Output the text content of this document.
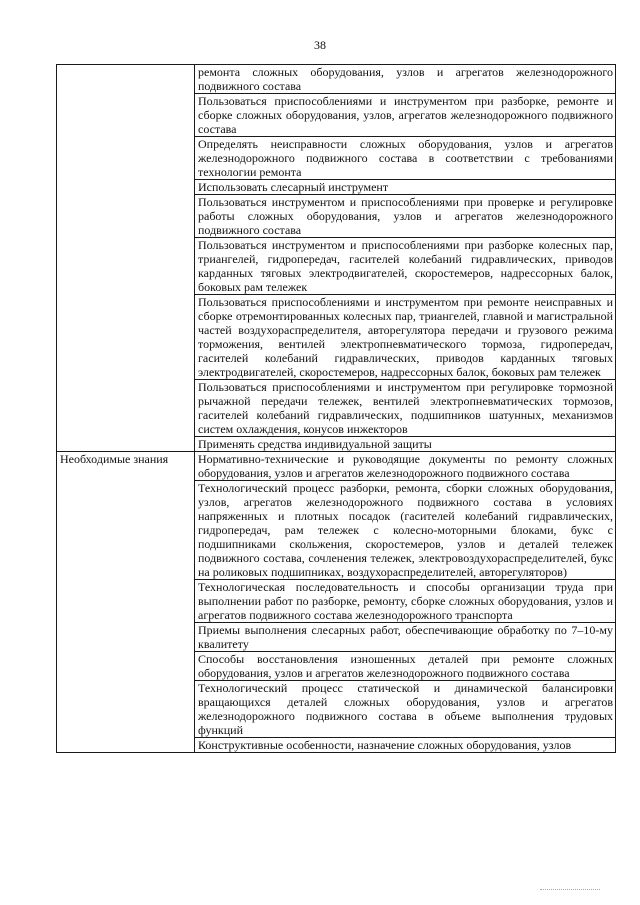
38
	ремонта сложных оборудования, узлов и агрегатов железнодорожного подвижного состава
	Пользоваться приспособлениями и инструментом при разборке, ремонте и сборке сложных оборудования, узлов, агрегатов железнодорожного подвижного состава
	Определять неисправности сложных оборудования, узлов и агрегатов железнодорожного подвижного состава в соответствии с требованиями технологии ремонта
	Использовать слесарный инструмент
	Пользоваться инструментом и приспособлениями при проверке и регулировке работы сложных оборудования, узлов и агрегатов железнодорожного подвижного состава
	Пользоваться инструментом и приспособлениями при разборке колесных пар, триангелей, гидропередач, гасителей колебаний гидравлических, приводов карданных тяговых электродвигателей, скоростемеров, надрессорных балок, боковых рам тележек
	Пользоваться приспособлениями и инструментом при ремонте неисправных и сборке отремонтированных колесных пар, триангелей, главной и магистральной частей воздухораспределителя, авторегулятора передачи и грузового режима торможения, вентилей электропневматического тормоза, гидропередач, гасителей колебаний гидравлических, приводов карданных тяговых электродвигателей, скоростемеров, надрессорных балок, боковых рам тележек
	Пользоваться приспособлениями и инструментом при регулировке тормозной рычажной передачи тележек, вентилей электропневматических тормозов, гасителей колебаний гидравлических, подшипников шатунных, механизмов систем охлаждения, конусов инжекторов
	Применять средства индивидуальной защиты
Необходимые знания	Нормативно-технические и руководящие документы по ремонту сложных оборудования, узлов и агрегатов железнодорожного подвижного состава
	Технологический процесс разборки, ремонта, сборки сложных оборудования, узлов, агрегатов железнодорожного подвижного состава в условиях напряженных и плотных посадок (гасителей колебаний гидравлических, гидропередач, рам тележек с колесно-моторными блоками, букс с подшипниками скольжения, скоростемеров, узлов и деталей тележек подвижного состава, сочленения тележек, электровоздухораспределителей, букс на роликовых подшипниках, воздухораспределителей, авторегуляторов)
	Технологическая последовательность и способы организации труда при выполнении работ по разборке, ремонту, сборке сложных оборудования, узлов и агрегатов подвижного состава железнодорожного транспорта
	Приемы выполнения слесарных работ, обеспечивающие обработку по 7–10-му квалитету
	Способы восстановления изношенных деталей при ремонте сложных оборудования, узлов и агрегатов железнодорожного подвижного состава
	Технологический процесс статической и динамической балансировки вращающихся деталей сложных оборудования, узлов и агрегатов железнодорожного подвижного состава в объеме выполнения трудовых функций
	Конструктивные особенности, назначение сложных оборудования, узлов
